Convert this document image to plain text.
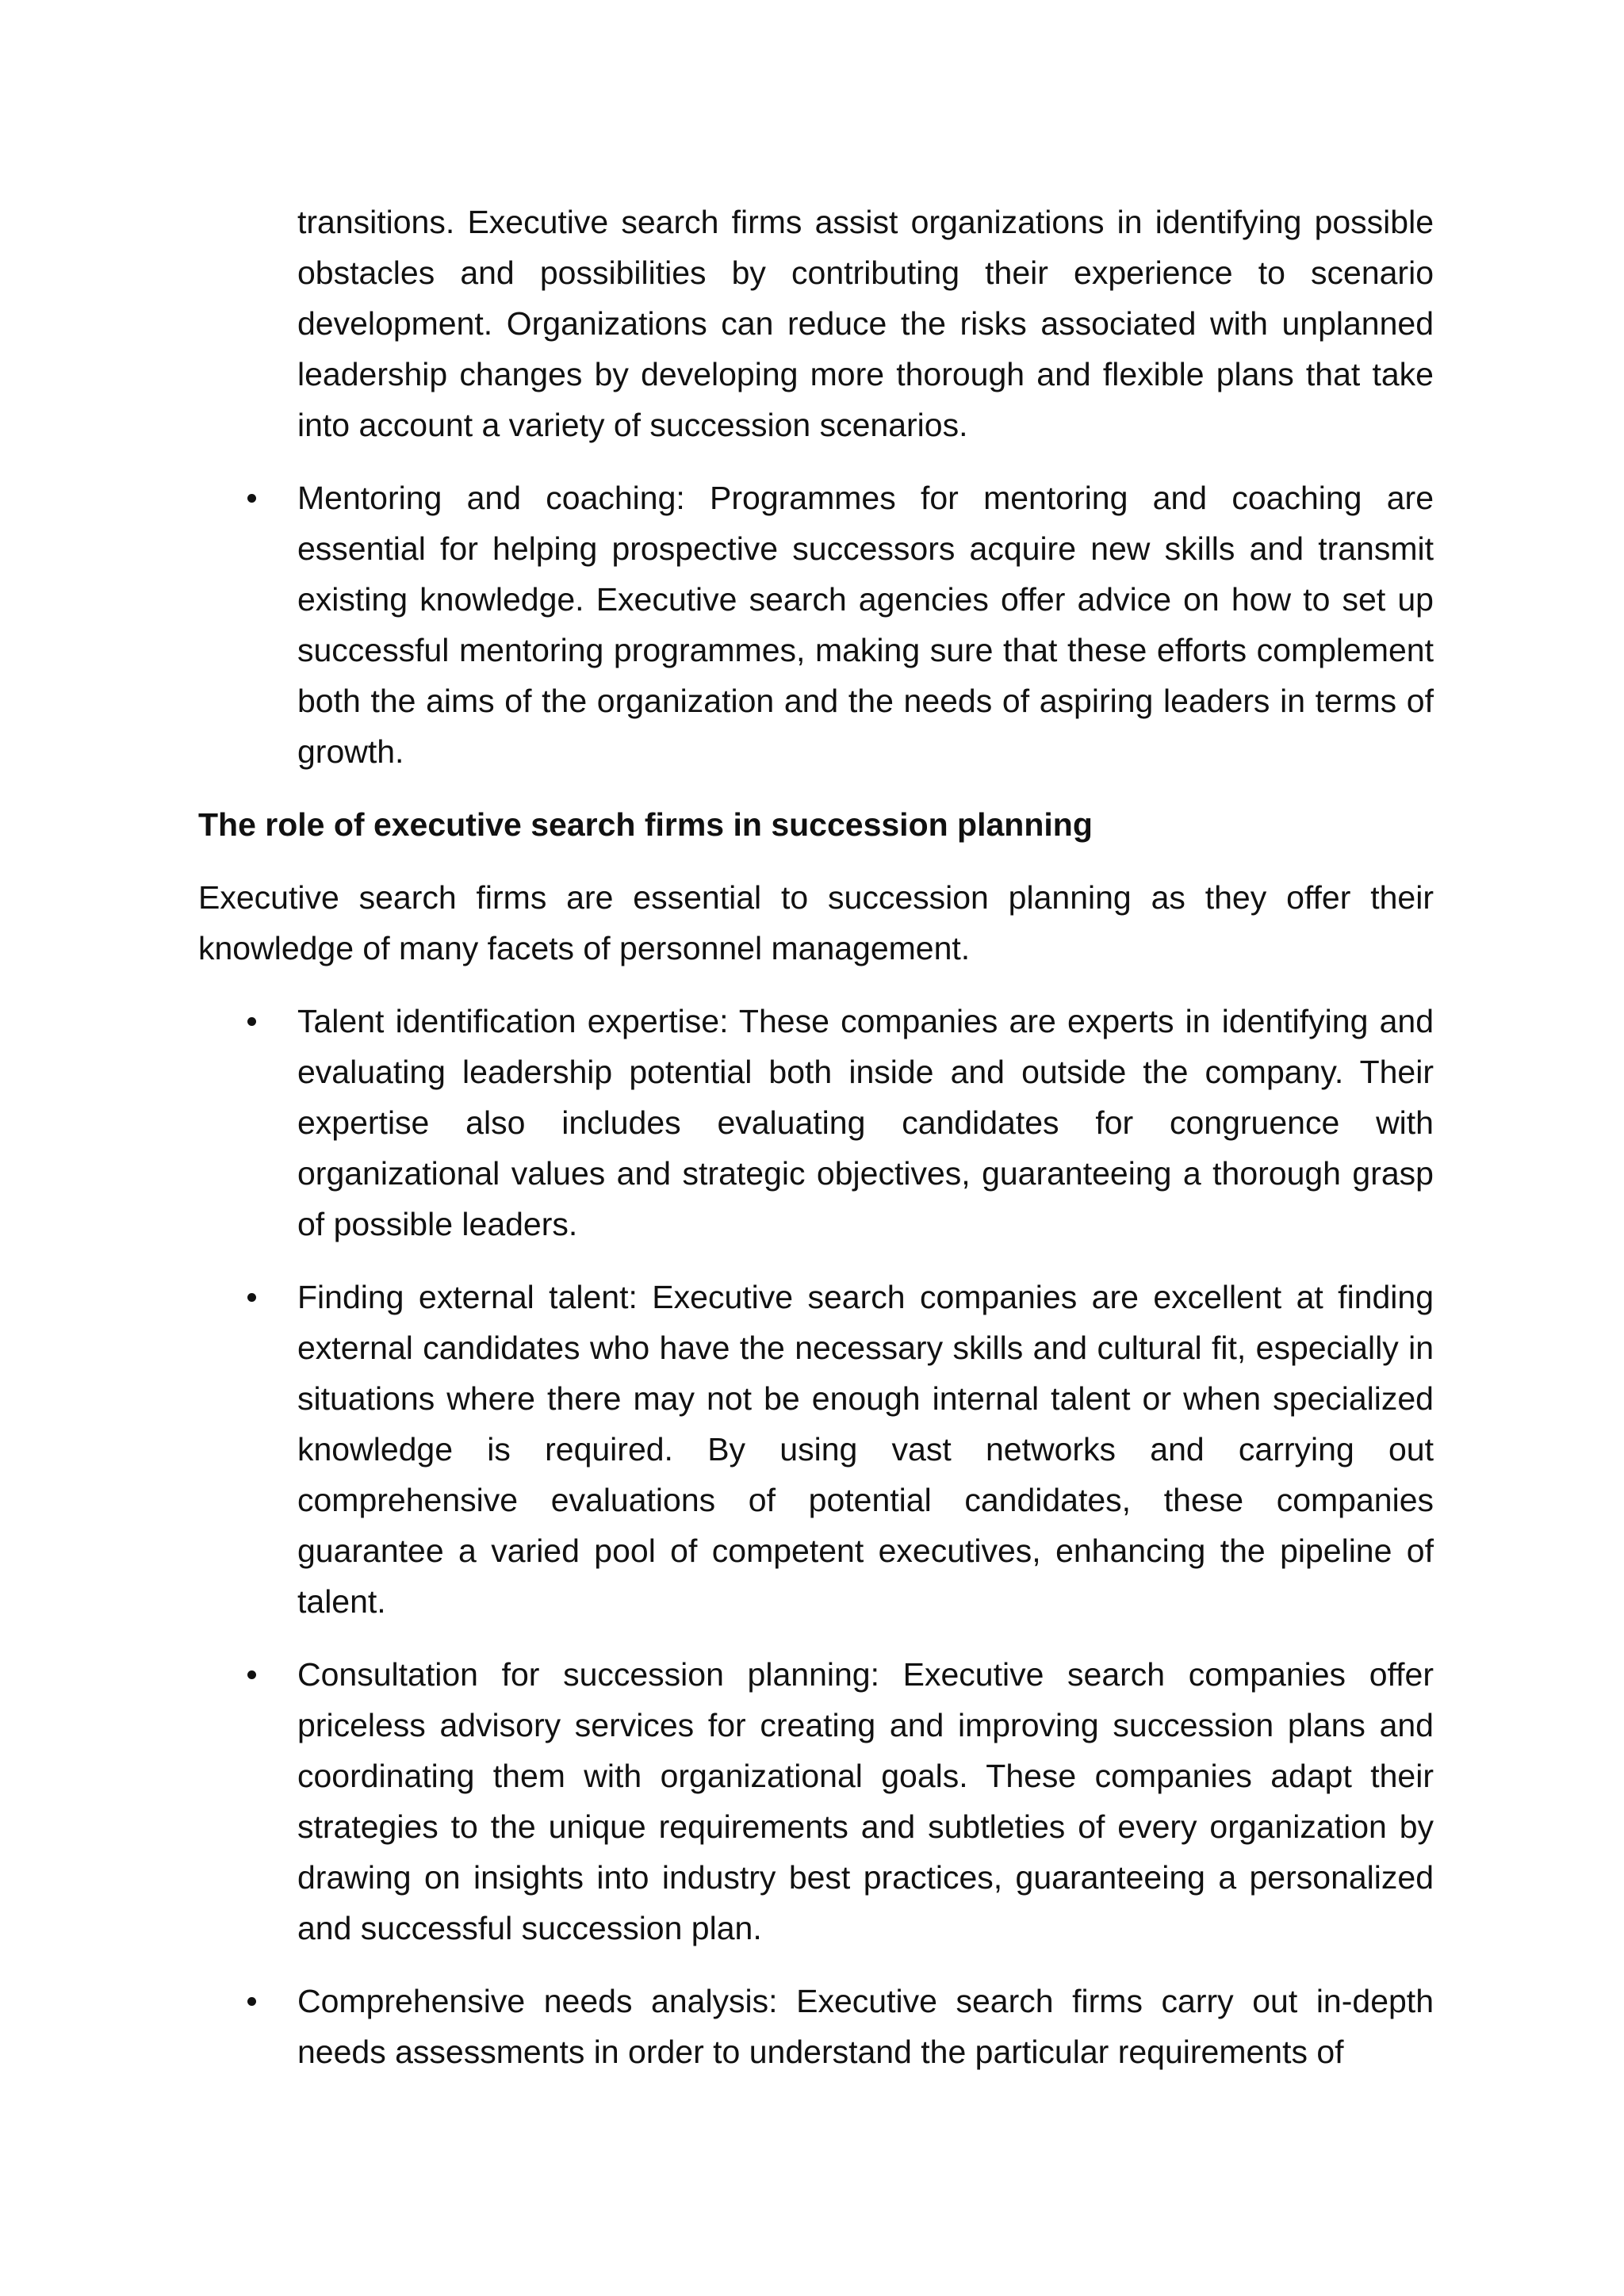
transitions. Executive search firms assist organizations in identifying possible obstacles and possibilities by contributing their experience to scenario development. Organizations can reduce the risks associated with unplanned leadership changes by developing more thorough and flexible plans that take into account a variety of succession scenarios.

Mentoring and coaching: Programmes for mentoring and coaching are essential for helping prospective successors acquire new skills and transmit existing knowledge. Executive search agencies offer advice on how to set up successful mentoring programmes, making sure that these efforts complement both the aims of the organization and the needs of aspiring leaders in terms of growth.

The role of executive search firms in succession planning

Executive search firms are essential to succession planning as they offer their knowledge of many facets of personnel management.

Talent identification expertise: These companies are experts in identifying and evaluating leadership potential both inside and outside the company. Their expertise also includes evaluating candidates for congruence with organizational values and strategic objectives, guaranteeing a thorough grasp of possible leaders.
Finding external talent: Executive search companies are excellent at finding external candidates who have the necessary skills and cultural fit, especially in situations where there may not be enough internal talent or when specialized knowledge is required. By using vast networks and carrying out comprehensive evaluations of potential candidates, these companies guarantee a varied pool of competent executives, enhancing the pipeline of talent.
Consultation for succession planning: Executive search companies offer priceless advisory services for creating and improving succession plans and coordinating them with organizational goals. These companies adapt their strategies to the unique requirements and subtleties of every organization by drawing on insights into industry best practices, guaranteeing a personalized and successful succession plan.
Comprehensive needs analysis: Executive search firms carry out in-depth needs assessments in order to understand the particular requirements of
